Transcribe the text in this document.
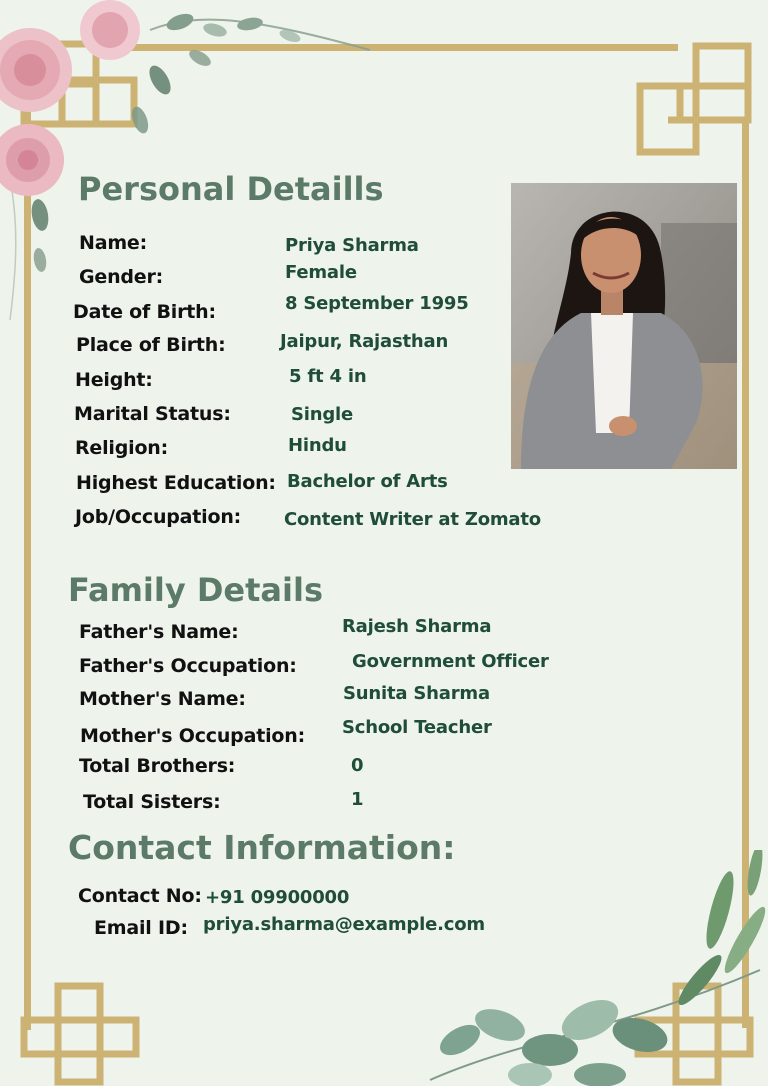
Personal Detaills
Family Details
Contact Information:
Name:	Priya Sharma
Gender:	Female
Date of Birth:	8 September 1995
Place of Birth:	Jaipur, Rajasthan
Height:	5 ft 4 in
Marital Status:	Single
Religion:	Hindu
Highest Education: Bachelor of Arts
Job/Occupation: Content Writer at Zomato
Father's Name:	Rajesh Sharma
Father's Occupation:	Government Officer
Mother's Name:	Sunita Sharma
Mother's Occupation: School Teacher
Total Brothers:	0
Total Sisters:	1
Contact No: +91 09900000
Email ID: priya.sharma@example.com
